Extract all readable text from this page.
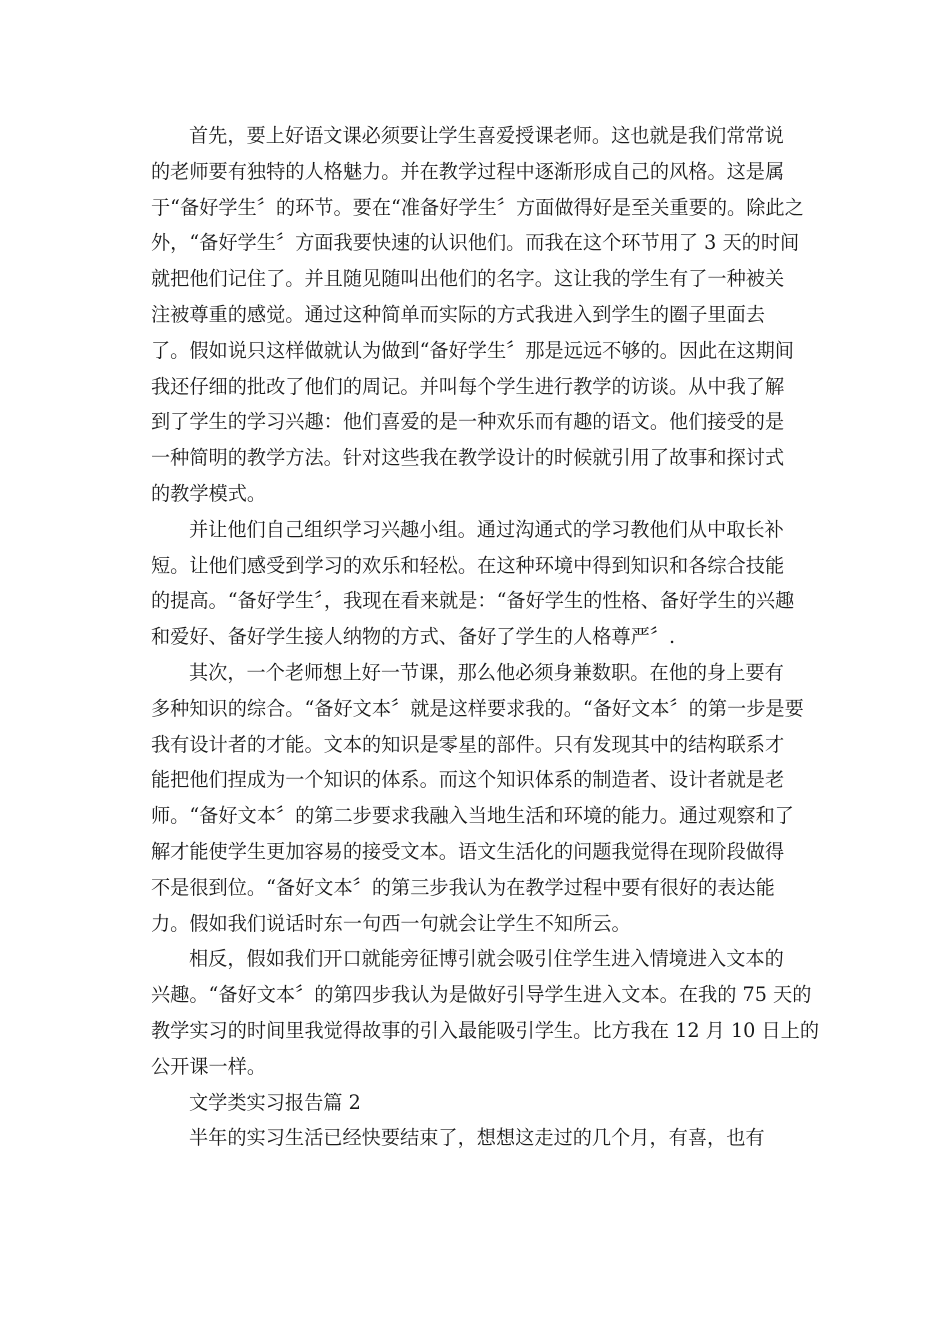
首先，要上好语文课必须要让学生喜爱授课老师。这也就是我们常常说
的老师要有独特的人格魅力。并在教学过程中逐渐形成自己的风格。这是属
于“备好学生〞的环节。要在“准备好学生〞方面做得好是至关重要的。除此之
外，“备好学生〞方面我要快速的认识他们。而我在这个环节用了 3 天的时间
就把他们记住了。并且随见随叫出他们的名字。这让我的学生有了一种被关
注被尊重的感觉。通过这种简单而实际的方式我进入到学生的圈子里面去
了。假如说只这样做就认为做到“备好学生〞那是远远不够的。因此在这期间
我还仔细的批改了他们的周记。并叫每个学生进行教学的访谈。从中我了解
到了学生的学习兴趣：他们喜爱的是一种欢乐而有趣的语文。他们接受的是
一种简明的教学方法。针对这些我在教学设计的时候就引用了故事和探讨式
的教学模式。
并让他们自己组织学习兴趣小组。通过沟通式的学习教他们从中取长补
短。让他们感受到学习的欢乐和轻松。在这种环境中得到知识和各综合技能
的提高。“备好学生〞，我现在看来就是：“备好学生的性格、备好学生的兴趣
和爱好、备好学生接人纳物的方式、备好了学生的人格尊严〞.
其次，一个老师想上好一节课，那么他必须身兼数职。在他的身上要有
多种知识的综合。“备好文本〞就是这样要求我的。“备好文本〞的第一步是要
我有设计者的才能。文本的知识是零星的部件。只有发现其中的结构联系才
能把他们捏成为一个知识的体系。而这个知识体系的制造者、设计者就是老
师。“备好文本〞的第二步要求我融入当地生活和环境的能力。通过观察和了
解才能使学生更加容易的接受文本。语文生活化的问题我觉得在现阶段做得
不是很到位。“备好文本〞的第三步我认为在教学过程中要有很好的表达能
力。假如我们说话时东一句西一句就会让学生不知所云。
相反，假如我们开口就能旁征博引就会吸引住学生进入情境进入文本的
兴趣。“备好文本〞的第四步我认为是做好引导学生进入文本。在我的 75 天的
教学实习的时间里我觉得故事的引入最能吸引学生。比方我在 12 月 10 日上的
公开课一样。
文学类实习报告篇 2
半年的实习生活已经快要结束了，想想这走过的几个月，有喜，也有
